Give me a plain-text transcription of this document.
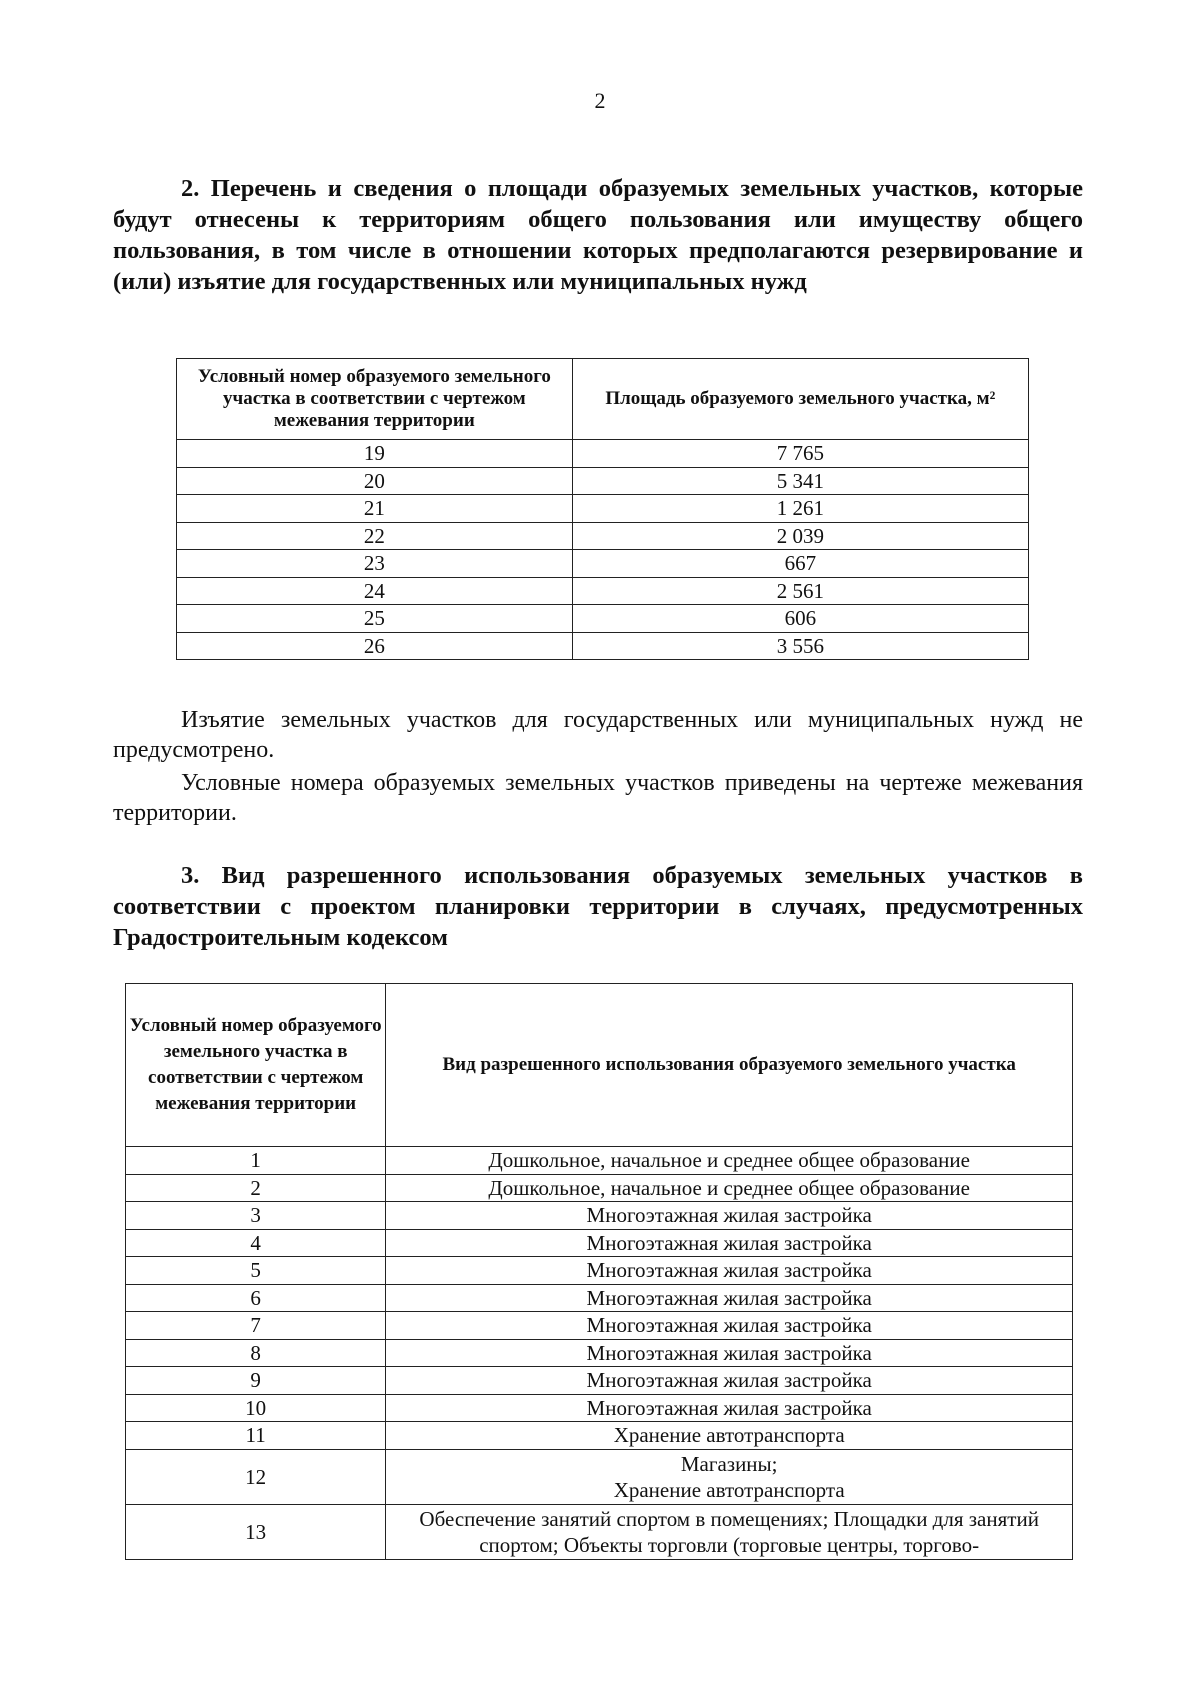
2

2. Перечень и сведения о площади образуемых земельных участков, которые будут отнесены к территориям общего пользования или имуществу общего пользования, в том числе в отношении которых предполагаются резервирование и (или) изъятие для государственных или муниципальных нужд

Условный номер образуемого земельного участка в соответствии с чертежом межевания территории	Площадь образуемого земельного участка, м²
19	7 765
20	5 341
21	1 261
22	2 039
23	667
24	2 561
25	606
26	3 556

Изъятие земельных участков для государственных или муниципальных нужд не предусмотрено.

Условные номера образуемых земельных участков приведены на чертеже межевания территории.

3. Вид разрешенного использования образуемых земельных участков в соответствии с проектом планировки территории в случаях, предусмотренных Градостроительным кодексом

Условный номер образуемого земельного участка в соответствии с чертежом межевания территории	Вид разрешенного использования образуемого земельного участка
1	Дошкольное, начальное и среднее общее образование
2	Дошкольное, начальное и среднее общее образование
3	Многоэтажная жилая застройка
4	Многоэтажная жилая застройка
5	Многоэтажная жилая застройка
6	Многоэтажная жилая застройка
7	Многоэтажная жилая застройка
8	Многоэтажная жилая застройка
9	Многоэтажная жилая застройка
10	Многоэтажная жилая застройка
11	Хранение автотранспорта
12	Магазины;
Хранение автотранспорта
13	Обеспечение занятий спортом в помещениях; Площадки для занятий спортом; Объекты торговли (торговые центры, торгово-
